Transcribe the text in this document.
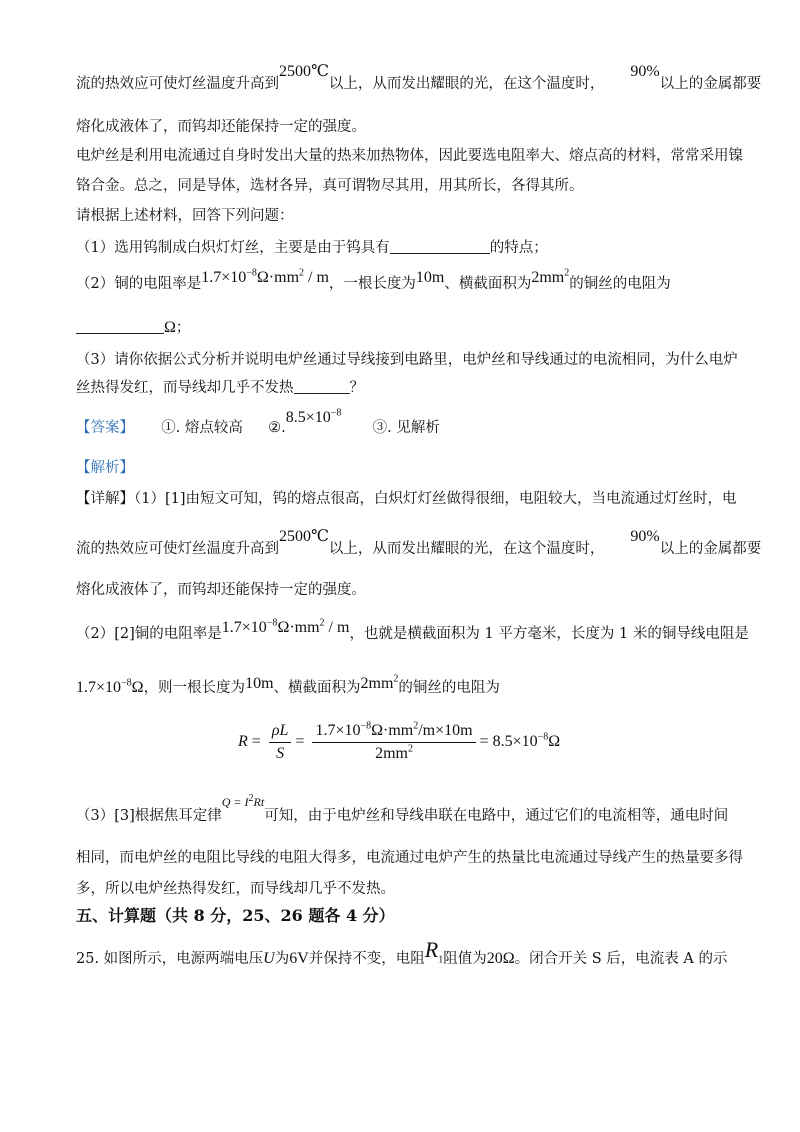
流的热效应可使灯丝温度升高到2500℃以上，从而发出耀眼的光，在这个温度时，90%以上的金属都要
熔化成液体了，而钨却还能保持一定的强度。
电炉丝是利用电流通过自身时发出大量的热来加热物体，因此要选电阻率大、熔点高的材料，常常采用镍
铬合金。总之，同是导体，选材各异，真可谓物尽其用，用其所长，各得其所。
请根据上述材料，回答下列问题：
（1）选用钨制成白炽灯灯丝，主要是由于钨具有	的特点；
（2）铜的电阻率是$1.7\times 10^{-8}\Omega\cdot mm^2 / m$，一根长度为10m、横截面积为$2mm^2$的铜丝的电阻为
Ω；
（3）请你依据公式分析并说明电炉丝通过导线接到电路里，电炉丝和导线通过的电流相同，为什么电炉
丝热得发红，而导线却几乎不发热	？
【答案】 ①. 熔点较高 $②.8.5\times 10^{-8}$  ③. 见解析
【解析】
【详解】（1）[1]由短文可知，钨的熔点很高，白炽灯灯丝做得很细，电阻较大，当电流通过灯丝时，电
流的热效应可使灯丝温度升高到2500℃以上，从而发出耀眼的光，在这个温度时，90%以上的金属都要
熔化成液体了，而钨却还能保持一定的强度。
（2）[2]铜的电阻率是$1.7\times 10^{-8}\Omega\cdot mm^2 / m$，也就是横截面积为 1 平方毫米，长度为 1 米的铜导线电阻是
$1.7\times 10^{-8}\Omega$，则一根长度为10m、横截面积为$2mm^2$的铜丝的电阻为
$R = \frac{\rho L}{S} = \frac{1.7\times 10^{-8}\Omega\cdot mm^2/m\times 10m}{2mm^2} = 8.5\times 10^{-8}\Omega$
（3）[3]根据焦耳定律$^{Q = I^2Rt}$可知，由于电炉丝和导线串联在电路中，通过它们的电流相等，通电时间
相同，而电炉丝的电阻比导线的电阻大得多，电流通过电炉产生的热量比电流通过导线产生的热量要多得
多，所以电炉丝热得发红，而导线却几乎不发热。
五、计算题（共 8 分，25、26 题各 4 分）
25. 如图所示，电源两端电压U为6V并保持不变，电阻$R_1$阻值为20Ω。闭合开关 S 后，电流表 A 的示
